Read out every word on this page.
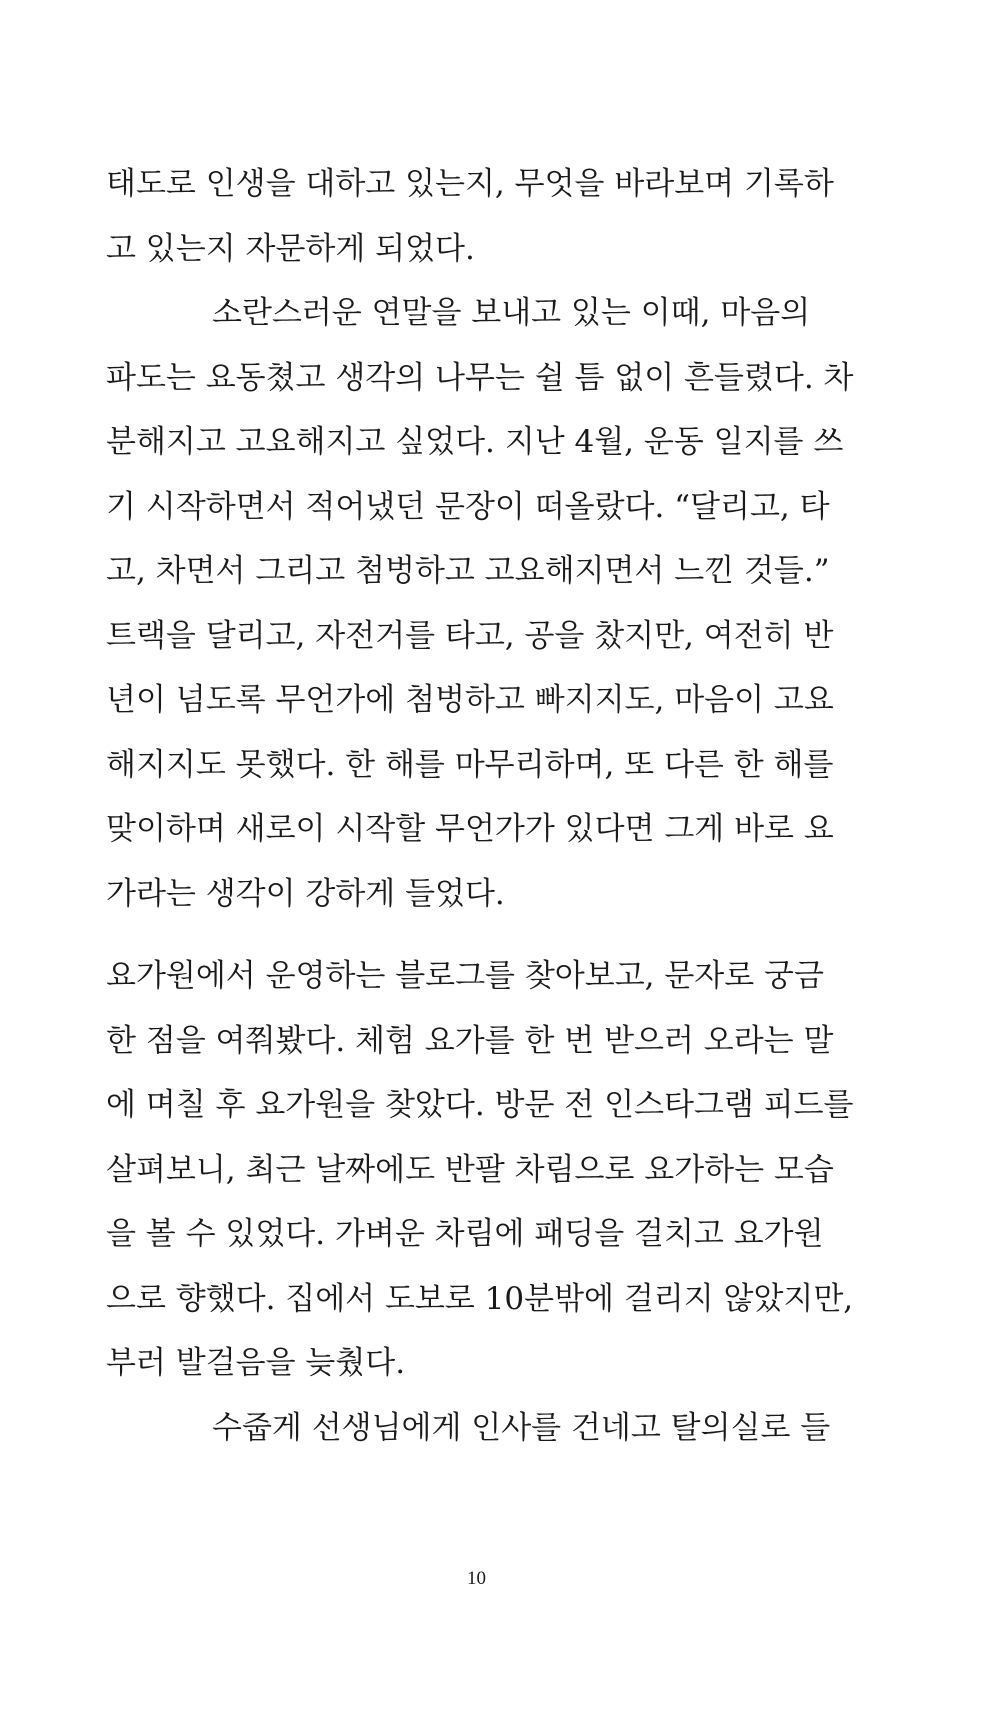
태도로 인생을 대하고 있는지, 무엇을 바라보며 기록하
고 있는지 자문하게 되었다.
소란스러운 연말을 보내고 있는 이때, 마음의
파도는 요동쳤고 생각의 나무는 쉴 틈 없이 흔들렸다. 차
분해지고 고요해지고 싶었다. 지난 4월, 운동 일지를 쓰
기 시작하면서 적어냈던 문장이 떠올랐다. “달리고, 타
고, 차면서 그리고 첨벙하고 고요해지면서 느낀 것들.”
트랙을 달리고, 자전거를 타고, 공을 찼지만, 여전히 반
년이 넘도록 무언가에 첨벙하고 빠지지도, 마음이 고요
해지지도 못했다. 한 해를 마무리하며, 또 다른 한 해를
맞이하며 새로이 시작할 무언가가 있다면 그게 바로 요
가라는 생각이 강하게 들었다.
요가원에서 운영하는 블로그를 찾아보고, 문자로 궁금
한 점을 여쭤봤다. 체험 요가를 한 번 받으러 오라는 말
에 며칠 후 요가원을 찾았다. 방문 전 인스타그램 피드를
살펴보니, 최근 날짜에도 반팔 차림으로 요가하는 모습
을 볼 수 있었다. 가벼운 차림에 패딩을 걸치고 요가원
으로 향했다. 집에서 도보로 10분밖에 걸리지 않았지만,
부러 발걸음을 늦췄다.
수줍게 선생님에게 인사를 건네고 탈의실로 들
10
